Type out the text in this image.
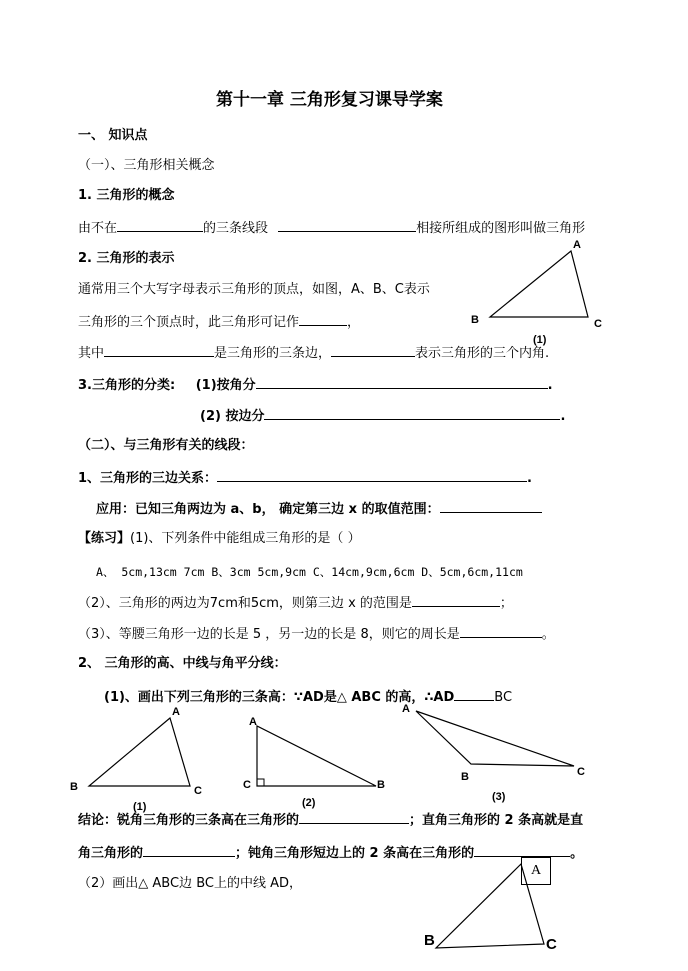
第十一章 三角形复习课导学案
一、 知识点
（一）、三角形相关概念
1. 三角形的概念
由不在	的三条线段	相接所组成的图形叫做三角形
2. 三角形的表示
通常用三个大写字母表示三角形的顶点，如图，A、B、C表示
三角形的三个顶点时，此三角形可记作	，
其中	是三角形的三条边，	表示三角形的三个内角.
A
B	C
(1)
3.三角形的分类: (1)按角分	.
(2) 按边分	.
（二）、与三角形有关的线段：
1、三角形的三边关系：	.
应用：已知三角两边为 a、b， 确定第三边 x 的取值范围：
【练习】(1)、下列条件中能组成三角形的是（ ）
A、 5cm,13cm 7cm B、3cm 5cm,9cm C、14cm,9cm,6cm D、5cm,6cm,11cm
（2）、三角形的两边为7cm和5cm，则第三边 x 的范围是	；
（3）、等腰三角形一边的长是 5 ，另一边的长是 8，则它的周长是	。
2、 三角形的高、中线与角平分线：
(1)、画出下列三角形的三条高：∵AD是△ ABC 的高，∴AD	BC
A
B	C
(1)
A
B
C
(2)
A
B	C
(3)
结论：锐角三角形的三条高在三角形的	；直角三角形的 2 条高就是直
角三角形的	；钝角三角形短边上的 2 条高在三角形的	。
（2）画出△ ABC边 BC上的中线 AD，
A
B	C
